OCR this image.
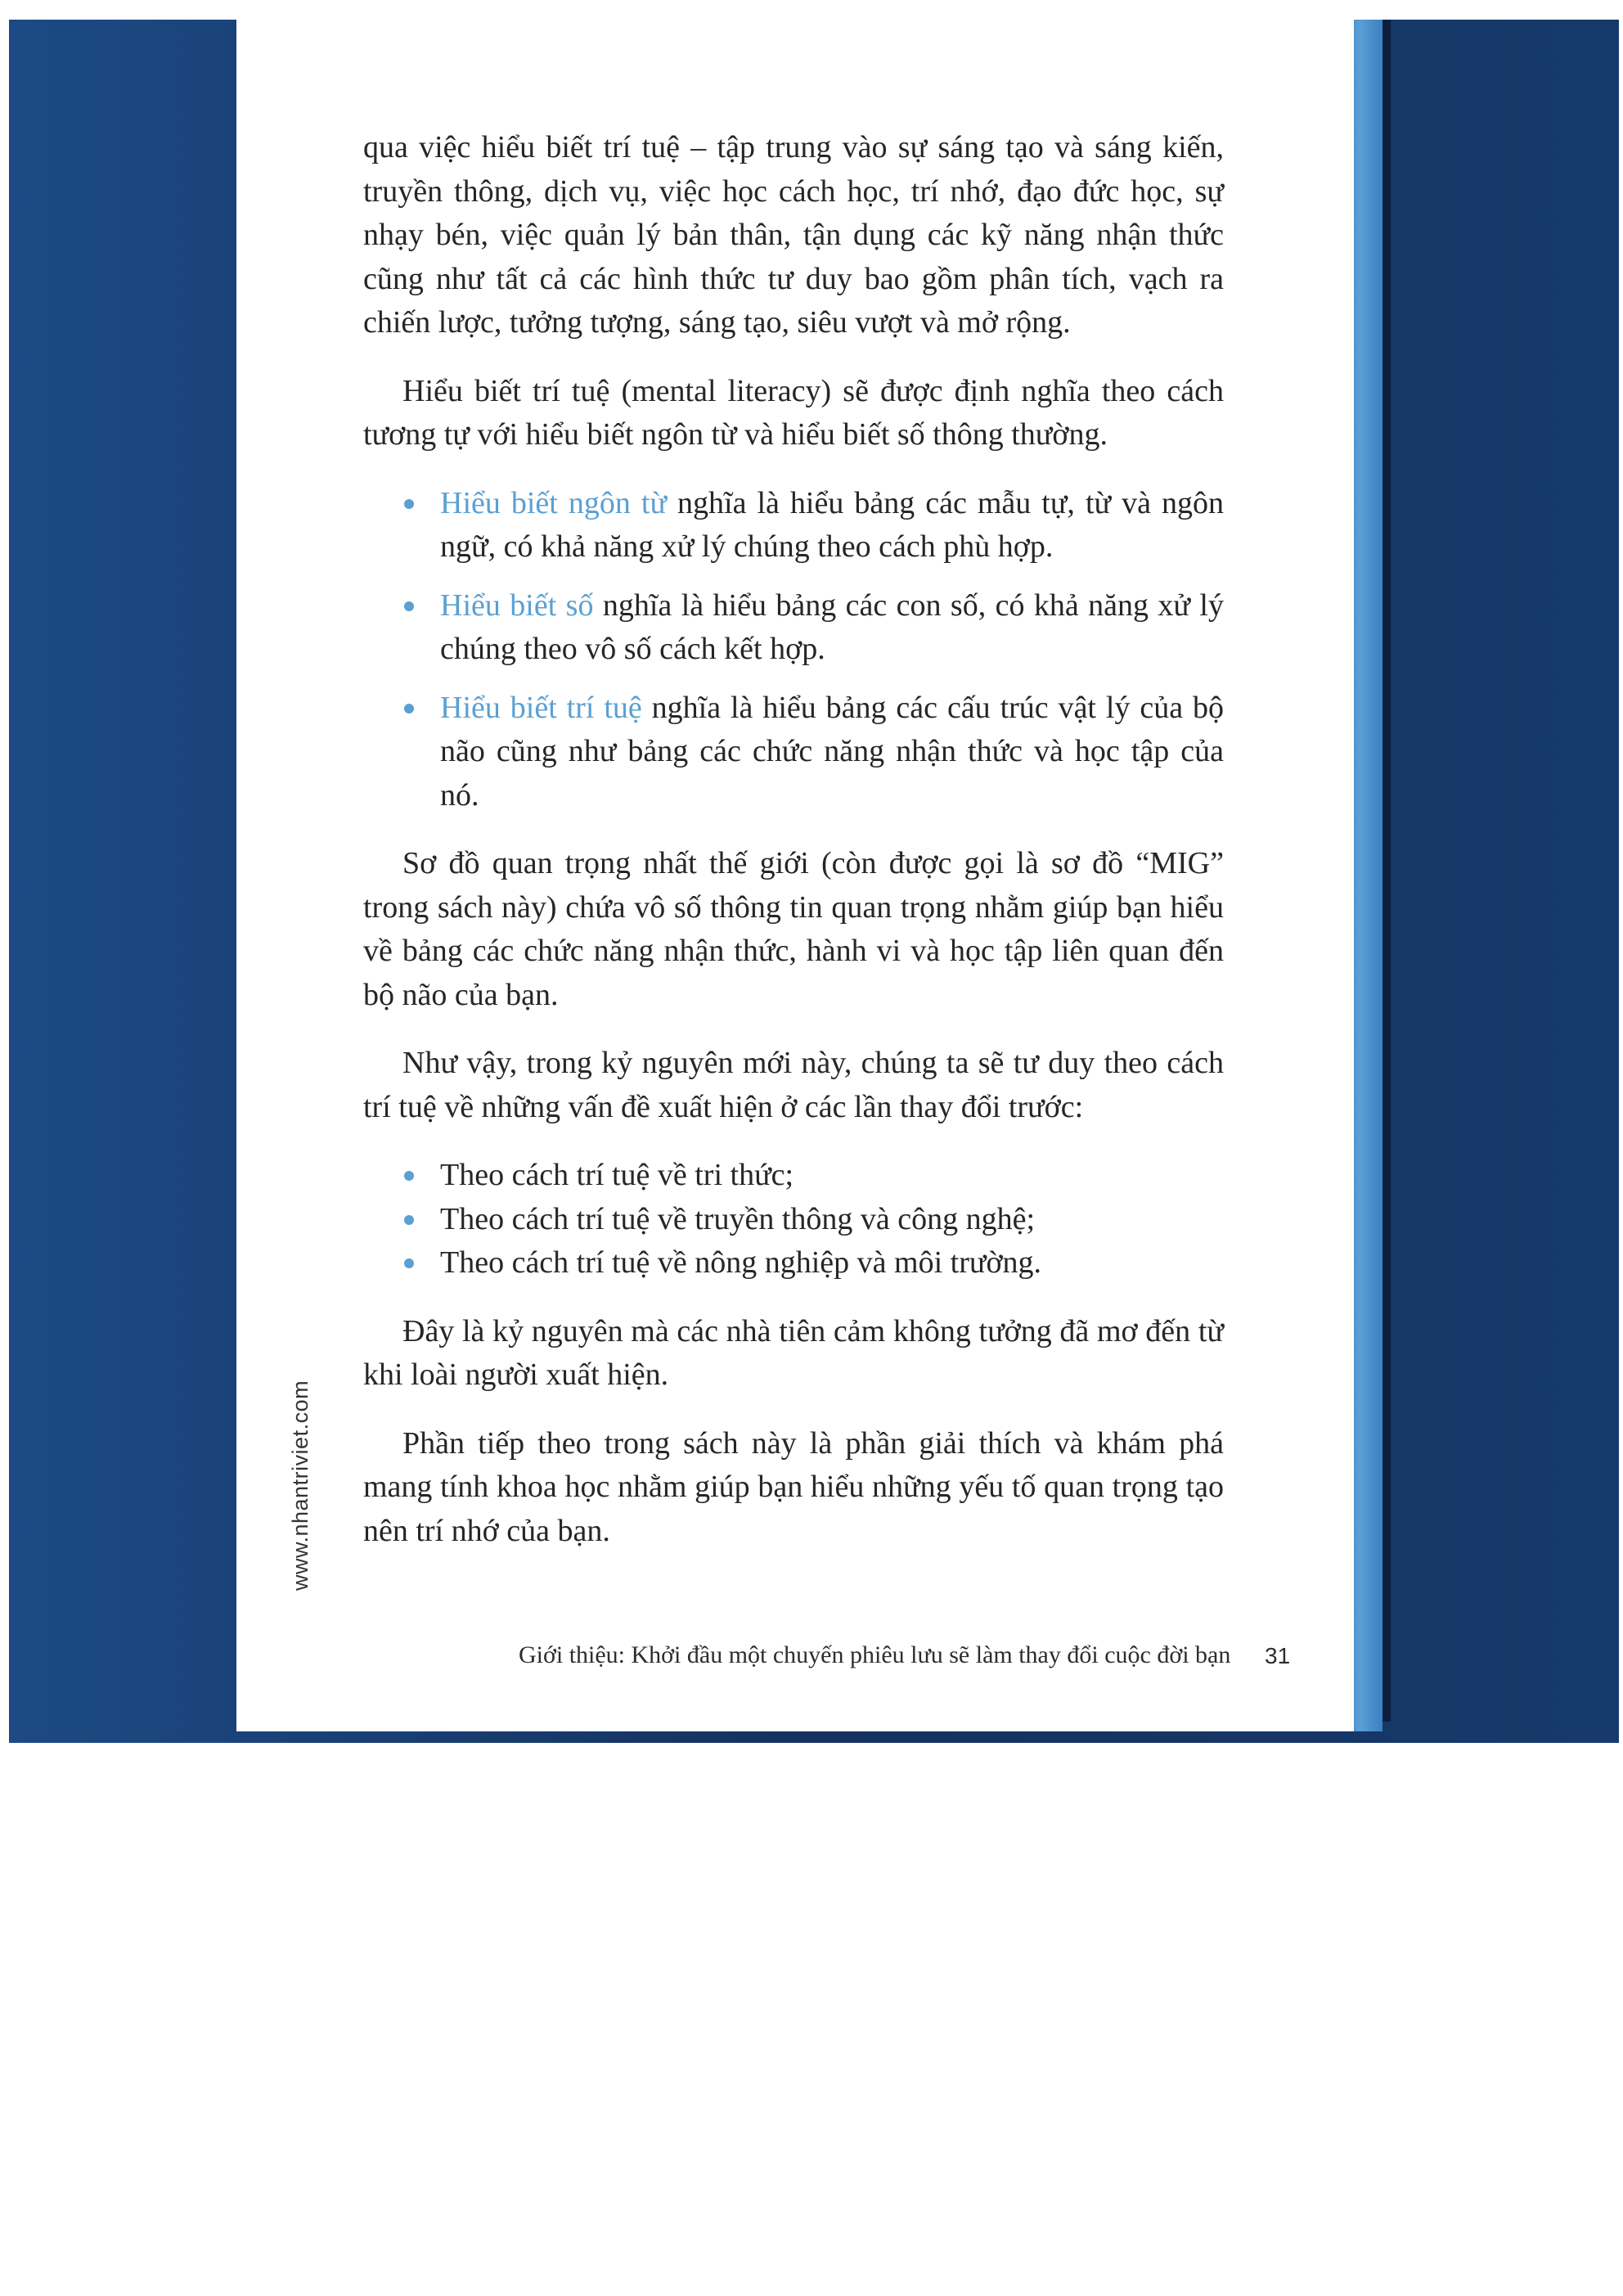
qua việc hiểu biết trí tuệ – tập trung vào sự sáng tạo và sáng kiến, truyền thông, dịch vụ, việc học cách học, trí nhớ, đạo đức học, sự nhạy bén, việc quản lý bản thân, tận dụng các kỹ năng nhận thức cũng như tất cả các hình thức tư duy bao gồm phân tích, vạch ra chiến lược, tưởng tượng, sáng tạo, siêu vượt và mở rộng.

Hiểu biết trí tuệ (mental literacy) sẽ được định nghĩa theo cách tương tự với hiểu biết ngôn từ và hiểu biết số thông thường.

Hiểu biết ngôn từ nghĩa là hiểu bảng các mẫu tự, từ và ngôn ngữ, có khả năng xử lý chúng theo cách phù hợp.
Hiểu biết số nghĩa là hiểu bảng các con số, có khả năng xử lý chúng theo vô số cách kết hợp.
Hiểu biết trí tuệ nghĩa là hiểu bảng các cấu trúc vật lý của bộ não cũng như bảng các chức năng nhận thức và học tập của nó.

Sơ đồ quan trọng nhất thế giới (còn được gọi là sơ đồ “MIG” trong sách này) chứa vô số thông tin quan trọng nhằm giúp bạn hiểu về bảng các chức năng nhận thức, hành vi và học tập liên quan đến bộ não của bạn.

Như vậy, trong kỷ nguyên mới này, chúng ta sẽ tư duy theo cách trí tuệ về những vấn đề xuất hiện ở các lần thay đổi trước:

Theo cách trí tuệ về tri thức;
Theo cách trí tuệ về truyền thông và công nghệ;
Theo cách trí tuệ về nông nghiệp và môi trường.

Đây là kỷ nguyên mà các nhà tiên cảm không tưởng đã mơ đến từ khi loài người xuất hiện.

Phần tiếp theo trong sách này là phần giải thích và khám phá mang tính khoa học nhằm giúp bạn hiểu những yếu tố quan trọng tạo nên trí nhớ của bạn.

www.nhantriviet.com
Giới thiệu: Khởi đầu một chuyến phiêu lưu sẽ làm thay đổi cuộc đời bạn 31
